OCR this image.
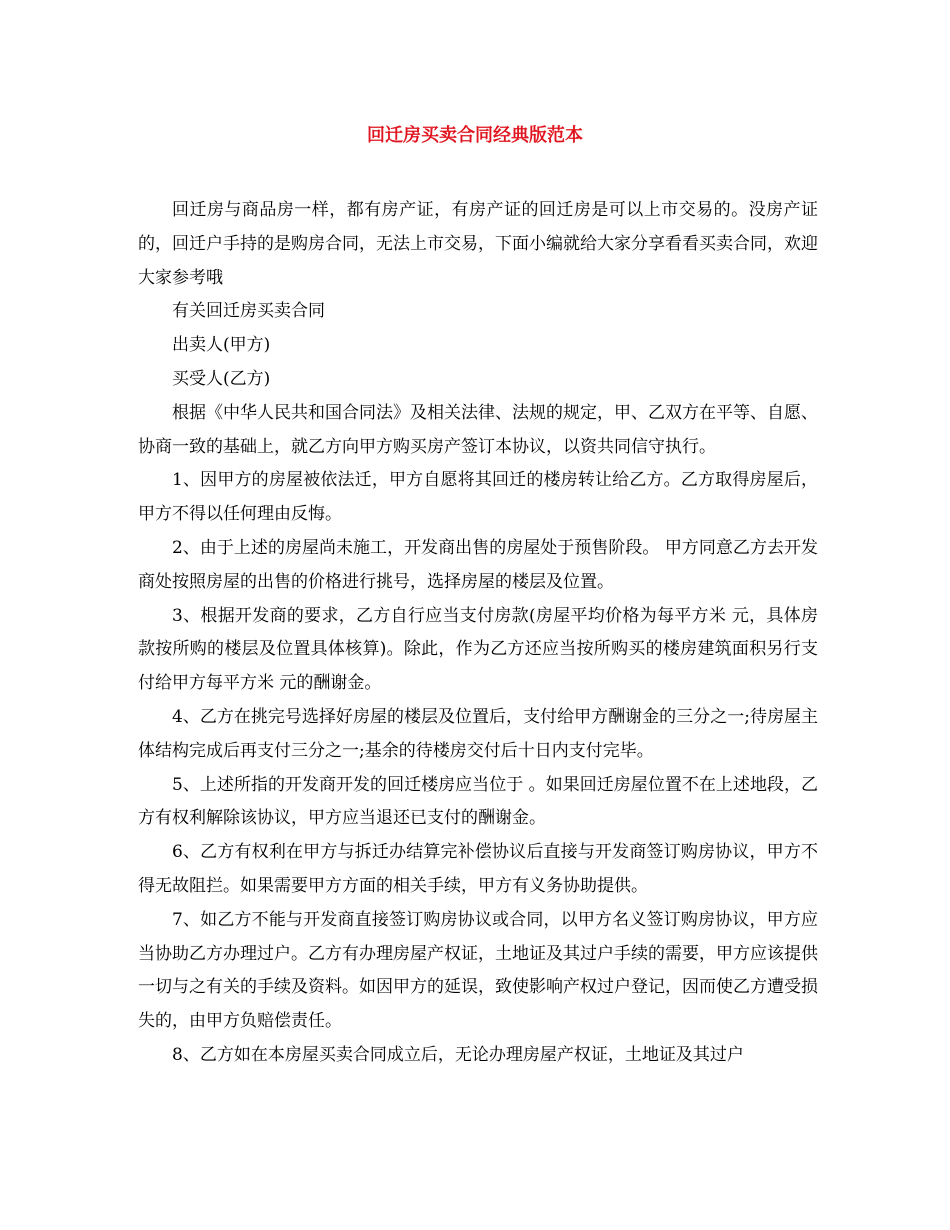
回迁房买卖合同经典版范本

回迁房与商品房一样，都有房产证，有房产证的回迁房是可以上市交易的。没房产证的，回迁户手持的是购房合同，无法上市交易，下面小编就给大家分享看看买卖合同，欢迎大家参考哦

有关回迁房买卖合同

出卖人(甲方)

买受人(乙方)

根据《中华人民共和国合同法》及相关法律、法规的规定，甲、乙双方在平等、自愿、协商一致的基础上，就乙方向甲方购买房产签订本协议，以资共同信守执行。

1、因甲方的房屋被依法迁，甲方自愿将其回迁的楼房转让给乙方。乙方取得房屋后，甲方不得以任何理由反悔。

2、由于上述的房屋尚未施工，开发商出售的房屋处于预售阶段。 甲方同意乙方去开发商处按照房屋的出售的价格进行挑号，选择房屋的楼层及位置。

3、根据开发商的要求，乙方自行应当支付房款(房屋平均价格为每平方米 元，具体房款按所购的楼层及位置具体核算)。除此，作为乙方还应当按所购买的楼房建筑面积另行支付给甲方每平方米 元的酬谢金。

4、乙方在挑完号选择好房屋的楼层及位置后，支付给甲方酬谢金的三分之一;待房屋主体结构完成后再支付三分之一;基余的待楼房交付后十日内支付完毕。

5、上述所指的开发商开发的回迁楼房应当位于 。如果回迁房屋位置不在上述地段，乙方有权利解除该协议，甲方应当退还已支付的酬谢金。

6、乙方有权利在甲方与拆迁办结算完补偿协议后直接与开发商签订购房协议，甲方不得无故阻拦。如果需要甲方方面的相关手续，甲方有义务协助提供。

7、如乙方不能与开发商直接签订购房协议或合同，以甲方名义签订购房协议，甲方应当协助乙方办理过户。乙方有办理房屋产权证，土地证及其过户手续的需要，甲方应该提供一切与之有关的手续及资料。如因甲方的延误，致使影响产权过户登记，因而使乙方遭受损失的，由甲方负赔偿责任。

8、乙方如在本房屋买卖合同成立后，无论办理房屋产权证，土地证及其过户
